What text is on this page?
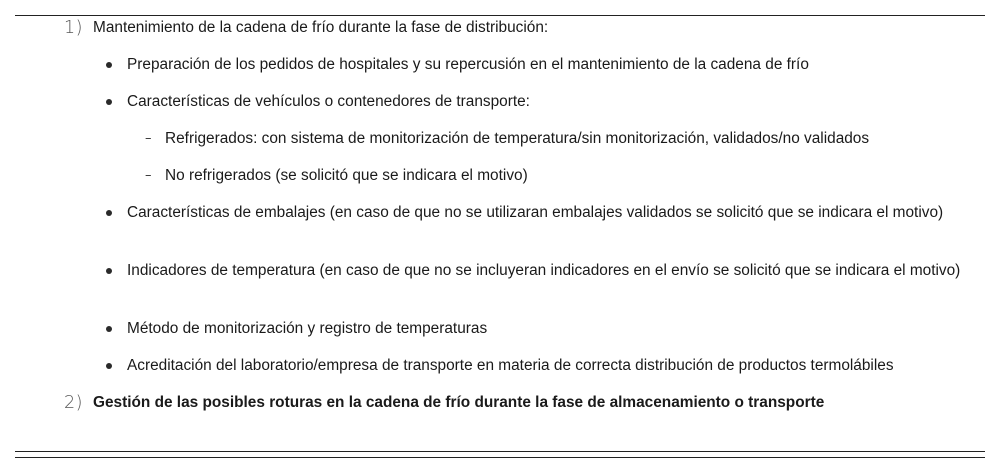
1) Mantenimiento de la cadena de frío durante la fase de distribución:
Preparación de los pedidos de hospitales y su repercusión en el mantenimiento de la cadena de frío
Características de vehículos o contenedores de transporte:
– Refrigerados: con sistema de monitorización de temperatura/sin monitorización, validados/no validados
– No refrigerados (se solicitó que se indicara el motivo)
Características de embalajes (en caso de que no se utilizaran embalajes validados se solicitó que se indicara el motivo)
Indicadores de temperatura (en caso de que no se incluyeran indicadores en el envío se solicitó que se indicara el motivo)
Método de monitorización y registro de temperaturas
Acreditación del laboratorio/empresa de transporte en materia de correcta distribución de productos termolábiles
2) Gestión de las posibles roturas en la cadena de frío durante la fase de almacenamiento o transporte
